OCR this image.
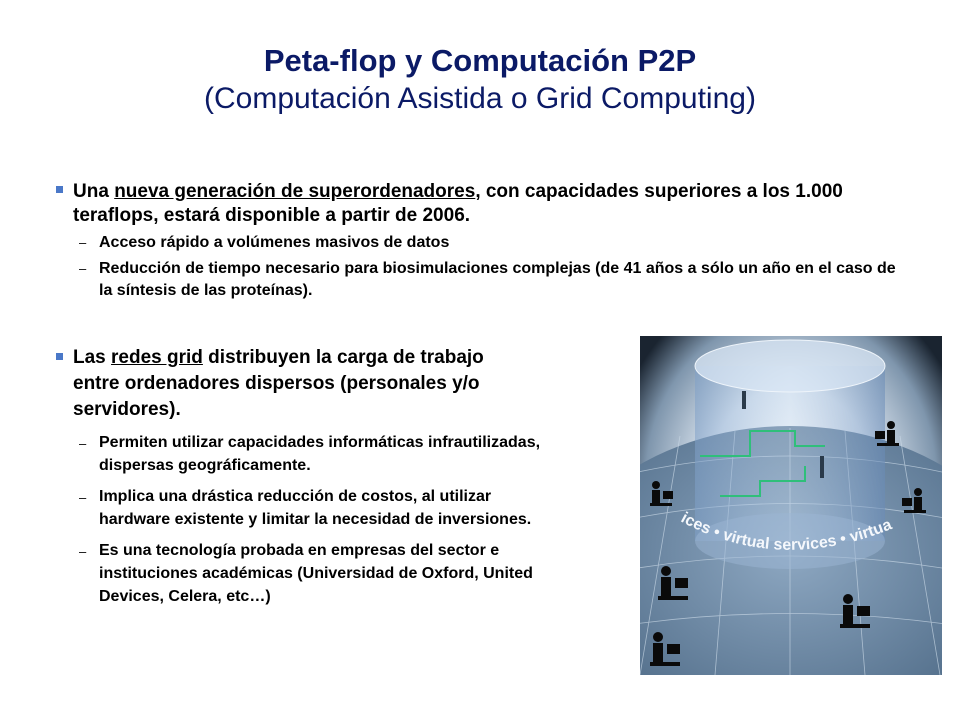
Peta-flop y Computación P2P
(Computación Asistida o Grid Computing)
Una nueva generación de superordenadores, con capacidades superiores a los 1.000 teraflops, estará disponible a partir de 2006.
– Acceso rápido a volúmenes masivos de datos
– Reducción de tiempo necesario para biosimulaciones complejas (de 41 años a sólo un año en el caso de la síntesis de las proteínas).
Las redes grid distribuyen la carga de trabajo entre ordenadores dispersos (personales y/o servidores).
– Permiten utilizar capacidades informáticas infrautilizadas, dispersas geográficamente.
– Implica una drástica reducción de costos, al utilizar hardware existente y limitar la necesidad de inversiones.
– Es una tecnología probada en empresas del sector e instituciones académicas (Universidad de Oxford, United Devices, Celera, etc…)
ices • virtual services • virtua
